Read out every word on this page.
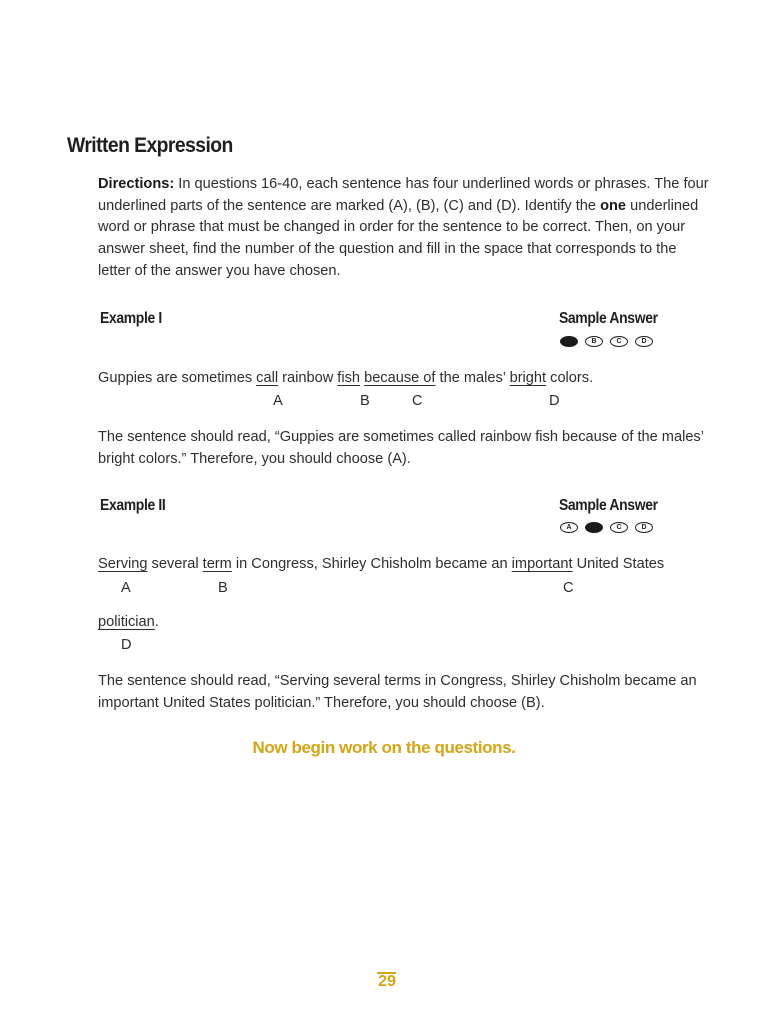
Written Expression
Directions: In questions 16-40, each sentence has four underlined words or phrases. The four underlined parts of the sentence are marked (A), (B), (C) and (D). Identify the one underlined word or phrase that must be changed in order for the sentence to be correct. Then, on your answer sheet, find the number of the question and fill in the space that corresponds to the letter of the answer you have chosen.
Example I	Sample Answer
B	C	D
Guppies are sometimes call rainbow fish because of the males’ bright colors.
A	B	C	D
The sentence should read, “Guppies are sometimes called rainbow fish because of the males’ bright colors.” Therefore, you should choose (A).
Example II	Sample Answer
A	C	D
Serving several term in Congress, Shirley Chisholm became an important United States
A	B	C
politician.
D
The sentence should read, “Serving several terms in Congress, Shirley Chisholm became an important United States politician.” Therefore, you should choose (B).
Now begin work on the questions.
29
